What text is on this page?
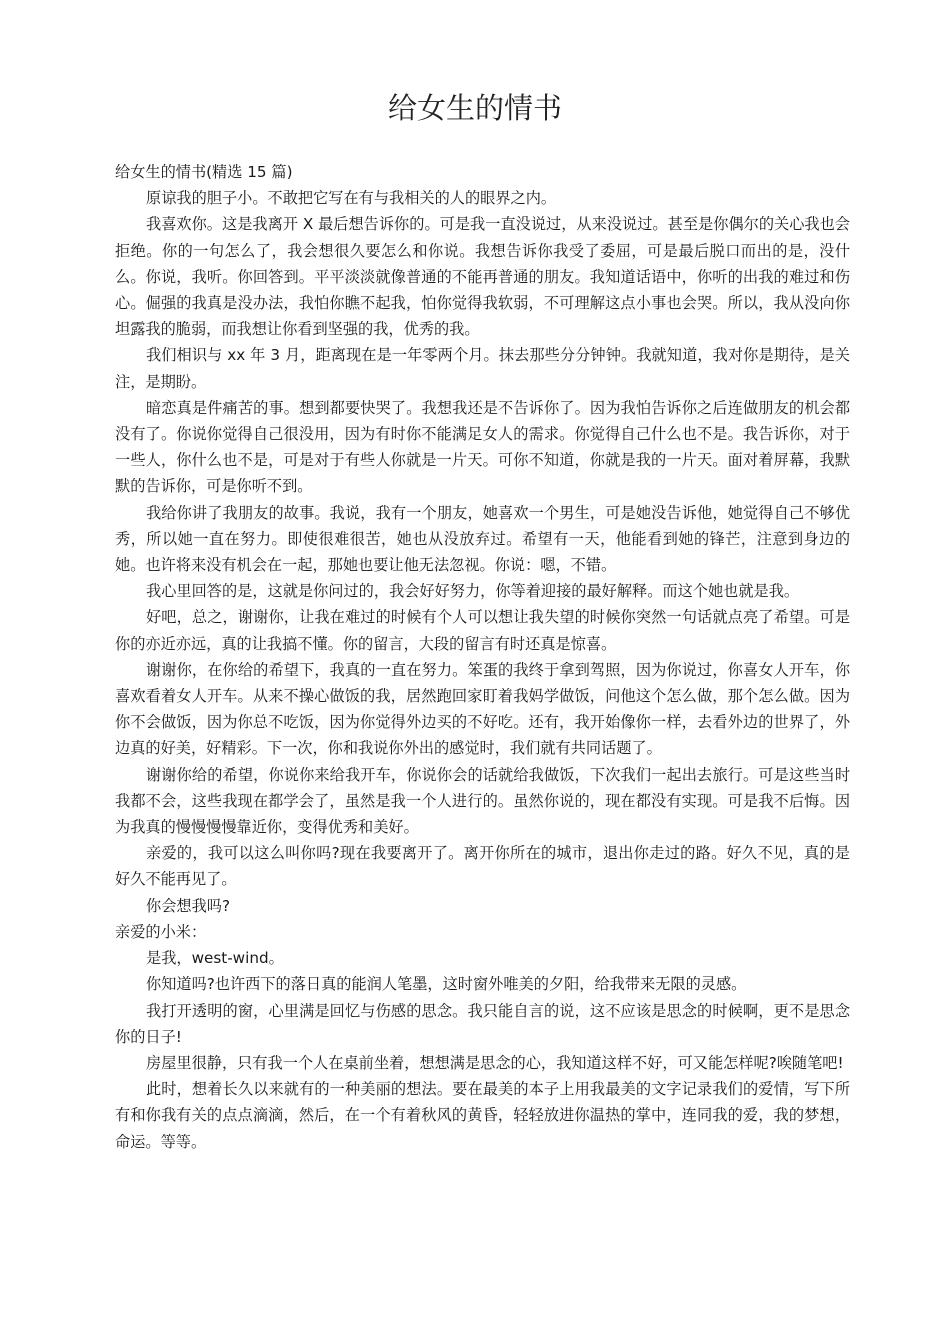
给女生的情书

给女生的情书(精选 15 篇)

原谅我的胆子小。不敢把它写在有与我相关的人的眼界之内。

我喜欢你。这是我离开 X 最后想告诉你的。可是我一直没说过，从来没说过。甚至是你偶尔的关心我也会拒绝。你的一句怎么了，我会想很久要怎么和你说。我想告诉你我受了委屈，可是最后脱口而出的是，没什么。你说，我听。你回答到。平平淡淡就像普通的不能再普通的朋友。我知道话语中，你听的出我的难过和伤心。倔强的我真是没办法，我怕你瞧不起我，怕你觉得我软弱，不可理解这点小事也会哭。所以，我从没向你坦露我的脆弱，而我想让你看到坚强的我，优秀的我。

我们相识与 xx 年 3 月，距离现在是一年零两个月。抹去那些分分钟钟。我就知道，我对你是期待，是关注，是期盼。

暗恋真是件痛苦的事。想到都要快哭了。我想我还是不告诉你了。因为我怕告诉你之后连做朋友的机会都没有了。你说你觉得自己很没用，因为有时你不能满足女人的需求。你觉得自己什么也不是。我告诉你，对于一些人，你什么也不是，可是对于有些人你就是一片天。可你不知道，你就是我的一片天。面对着屏幕，我默默的告诉你，可是你听不到。

我给你讲了我朋友的故事。我说，我有一个朋友，她喜欢一个男生，可是她没告诉他，她觉得自己不够优秀，所以她一直在努力。即使很难很苦，她也从没放弃过。希望有一天，他能看到她的锋芒，注意到身边的她。也许将来没有机会在一起，那她也要让他无法忽视。你说：嗯，不错。

我心里回答的是，这就是你问过的，我会好好努力，你等着迎接的最好解释。而这个她也就是我。

好吧，总之，谢谢你，让我在难过的时候有个人可以想让我失望的时候你突然一句话就点亮了希望。可是你的亦近亦远，真的让我搞不懂。你的留言，大段的留言有时还真是惊喜。

谢谢你，在你给的希望下，我真的一直在努力。笨蛋的我终于拿到驾照，因为你说过，你喜女人开车，你喜欢看着女人开车。从来不操心做饭的我，居然跑回家盯着我妈学做饭，问他这个怎么做，那个怎么做。因为你不会做饭，因为你总不吃饭，因为你觉得外边买的不好吃。还有，我开始像你一样，去看外边的世界了，外边真的好美，好精彩。下一次，你和我说你外出的感觉时，我们就有共同话题了。

谢谢你给的希望，你说你来给我开车，你说你会的话就给我做饭，下次我们一起出去旅行。可是这些当时我都不会，这些我现在都学会了，虽然是我一个人进行的。虽然你说的，现在都没有实现。可是我不后悔。因为我真的慢慢慢慢靠近你，变得优秀和美好。

亲爱的，我可以这么叫你吗?现在我要离开了。离开你所在的城市，退出你走过的路。好久不见，真的是好久不能再见了。

你会想我吗?

亲爱的小米：

是我，west-wind。

你知道吗?也许西下的落日真的能润人笔墨，这时窗外唯美的夕阳，给我带来无限的灵感。

我打开透明的窗，心里满是回忆与伤感的思念。我只能自言的说，这不应该是思念的时候啊，更不是思念你的日子!

房屋里很静，只有我一个人在桌前坐着，想想满是思念的心，我知道这样不好，可又能怎样呢?唉随笔吧!

此时，想着长久以来就有的一种美丽的想法。要在最美的本子上用我最美的文字记录我们的爱情，写下所有和你我有关的点点滴滴，然后，在一个有着秋风的黄昏，轻轻放进你温热的掌中，连同我的爱，我的梦想，命运。等等。
